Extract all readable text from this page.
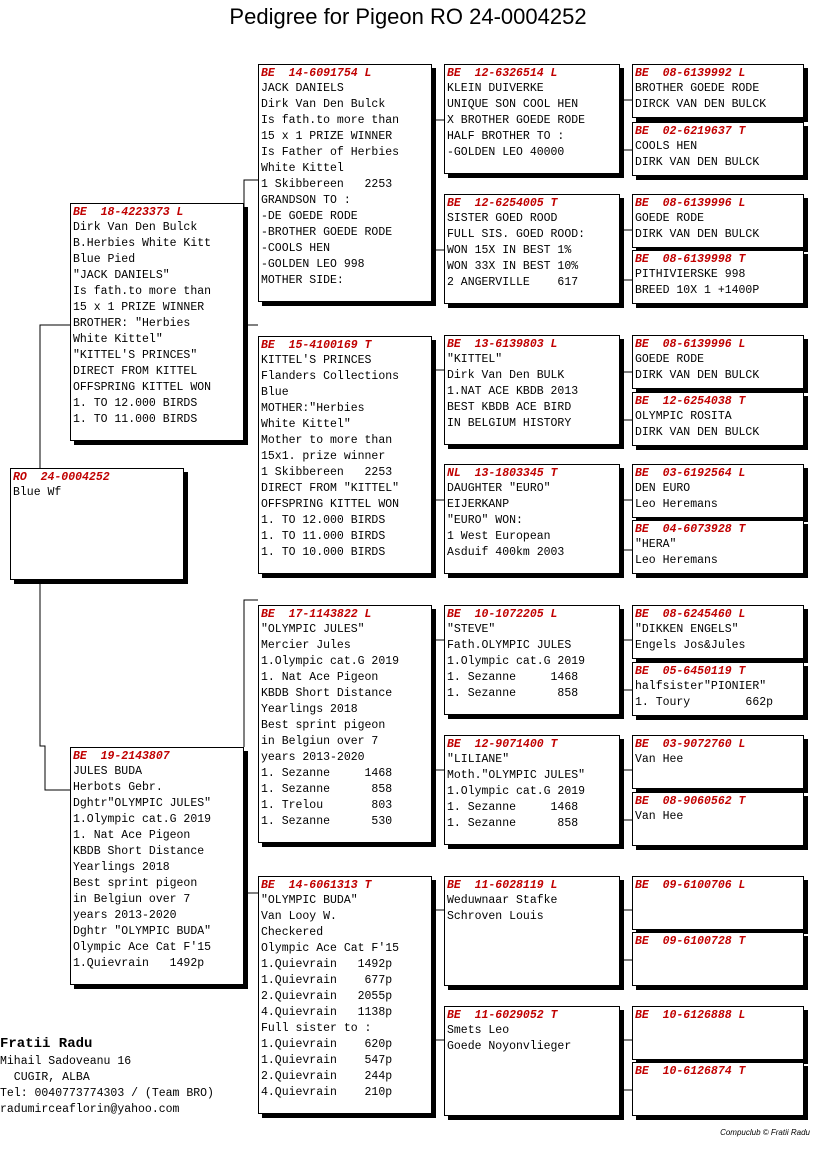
Pedigree for Pigeon RO 24-0004252
RO  24-0004252
Blue Wf
BE  18-4223373 L
Dirk Van Den Bulck
B.Herbies White Kitt
Blue Pied
"JACK DANIELS"
Is fath.to more than
15 x 1 PRIZE WINNER
BROTHER: "Herbies
White Kittel"
"KITTEL'S PRINCES"
DIRECT FROM KITTEL
OFFSPRING KITTEL WON
1. TO 12.000 BIRDS
1. TO 11.000 BIRDS
BE  19-2143807
JULES BUDA
Herbots Gebr.
Dghtr"OLYMPIC JULES"
1.Olympic cat.G 2019
1. Nat Ace Pigeon
KBDB Short Distance
Yearlings 2018
Best sprint pigeon
in Belgiun over 7
years 2013-2020
Dghtr "OLYMPIC BUDA"
Olympic Ace Cat F'15
1.Quievrain   1492p
BE  14-6091754 L
JACK DANIELS
Dirk Van Den Bulck
Is fath.to more than
15 x 1 PRIZE WINNER
Is Father of Herbies
White Kittel
1 Skibbereen   2253
GRANDSON TO :
-DE GOEDE RODE
-BROTHER GOEDE RODE
-COOLS HEN
-GOLDEN LEO 998
MOTHER SIDE:
BE  15-4100169 T
KITTEL'S PRINCES
Flanders Collections
Blue
MOTHER:"Herbies
White Kittel"
Mother to more than
15x1. prize winner
1 Skibbereen   2253
DIRECT FROM "KITTEL"
OFFSPRING KITTEL WON
1. TO 12.000 BIRDS
1. TO 11.000 BIRDS
1. TO 10.000 BIRDS
BE  17-1143822 L
"OLYMPIC JULES"
Mercier Jules
1.Olympic cat.G 2019
1. Nat Ace Pigeon
KBDB Short Distance
Yearlings 2018
Best sprint pigeon
in Belgiun over 7
years 2013-2020
1. Sezanne     1468
1. Sezanne      858
1. Trelou       803
1. Sezanne      530
BE  14-6061313 T
"OLYMPIC BUDA"
Van Looy W.
Checkered
Olympic Ace Cat F'15
1.Quievrain   1492p
1.Quievrain    677p
2.Quievrain   2055p
4.Quievrain   1138p
Full sister to :
1.Quievrain    620p
1.Quievrain    547p
2.Quievrain    244p
4.Quievrain    210p
BE  12-6326514 L
KLEIN DUIVERKE
UNIQUE SON COOL HEN
X BROTHER GOEDE RODE
HALF BROTHER TO :
-GOLDEN LEO 40000
BE  12-6254005 T
SISTER GOED ROOD
FULL SIS. GOED ROOD:
WON 15X IN BEST 1%
WON 33X IN BEST 10%
2 ANGERVILLE    617
BE  13-6139803 L
"KITTEL"
Dirk Van Den BULK
1.NAT ACE KBDB 2013
BEST KBDB ACE BIRD
IN BELGIUM HISTORY
NL  13-1803345 T
DAUGHTER "EURO"
EIJERKANP
"EURO" WON:
1 West European
Asduif 400km 2003
BE  10-1072205 L
"STEVE"
Fath.OLYMPIC JULES
1.Olympic cat.G 2019
1. Sezanne     1468
1. Sezanne      858
BE  12-9071400 T
"LILIANE"
Moth."OLYMPIC JULES"
1.Olympic cat.G 2019
1. Sezanne     1468
1. Sezanne      858
BE  11-6028119 L
Weduwnaar Stafke
Schroven Louis
BE  11-6029052 T
Smets Leo
Goede Noyonvlieger
BE  08-6139992 L
BROTHER GOEDE RODE
DIRCK VAN DEN BULCK
BE  02-6219637 T
COOLS HEN
DIRK VAN DEN BULCK
BE  08-6139996 L
GOEDE RODE
DIRK VAN DEN BULCK
BE  08-6139998 T
PITHIVIERSKE 998
BREED 10X 1 +1400P
BE  08-6139996 L
GOEDE RODE
DIRK VAN DEN BULCK
BE  12-6254038 T
OLYMPIC ROSITA
DIRK VAN DEN BULCK
BE  03-6192564 L
DEN EURO
Leo Heremans
BE  04-6073928 T
"HERA"
Leo Heremans
BE  08-6245460 L
"DIKKEN ENGELS"
Engels Jos&Jules
BE  05-6450119 T
halfsister"PIONIER"
1. Toury        662p
BE  03-9072760 L
Van Hee
BE  08-9060562 T
Van Hee
BE  09-6100706 L
BE  09-6100728 T
BE  10-6126888 L
BE  10-6126874 T
Fratii Radu
Mihail Sadoveanu 16
CUGIR, ALBA
Tel: 0040773774303 / (Team BRO)
radumirceaflorin@yahoo.com
Compuclub © Fratii Radu
